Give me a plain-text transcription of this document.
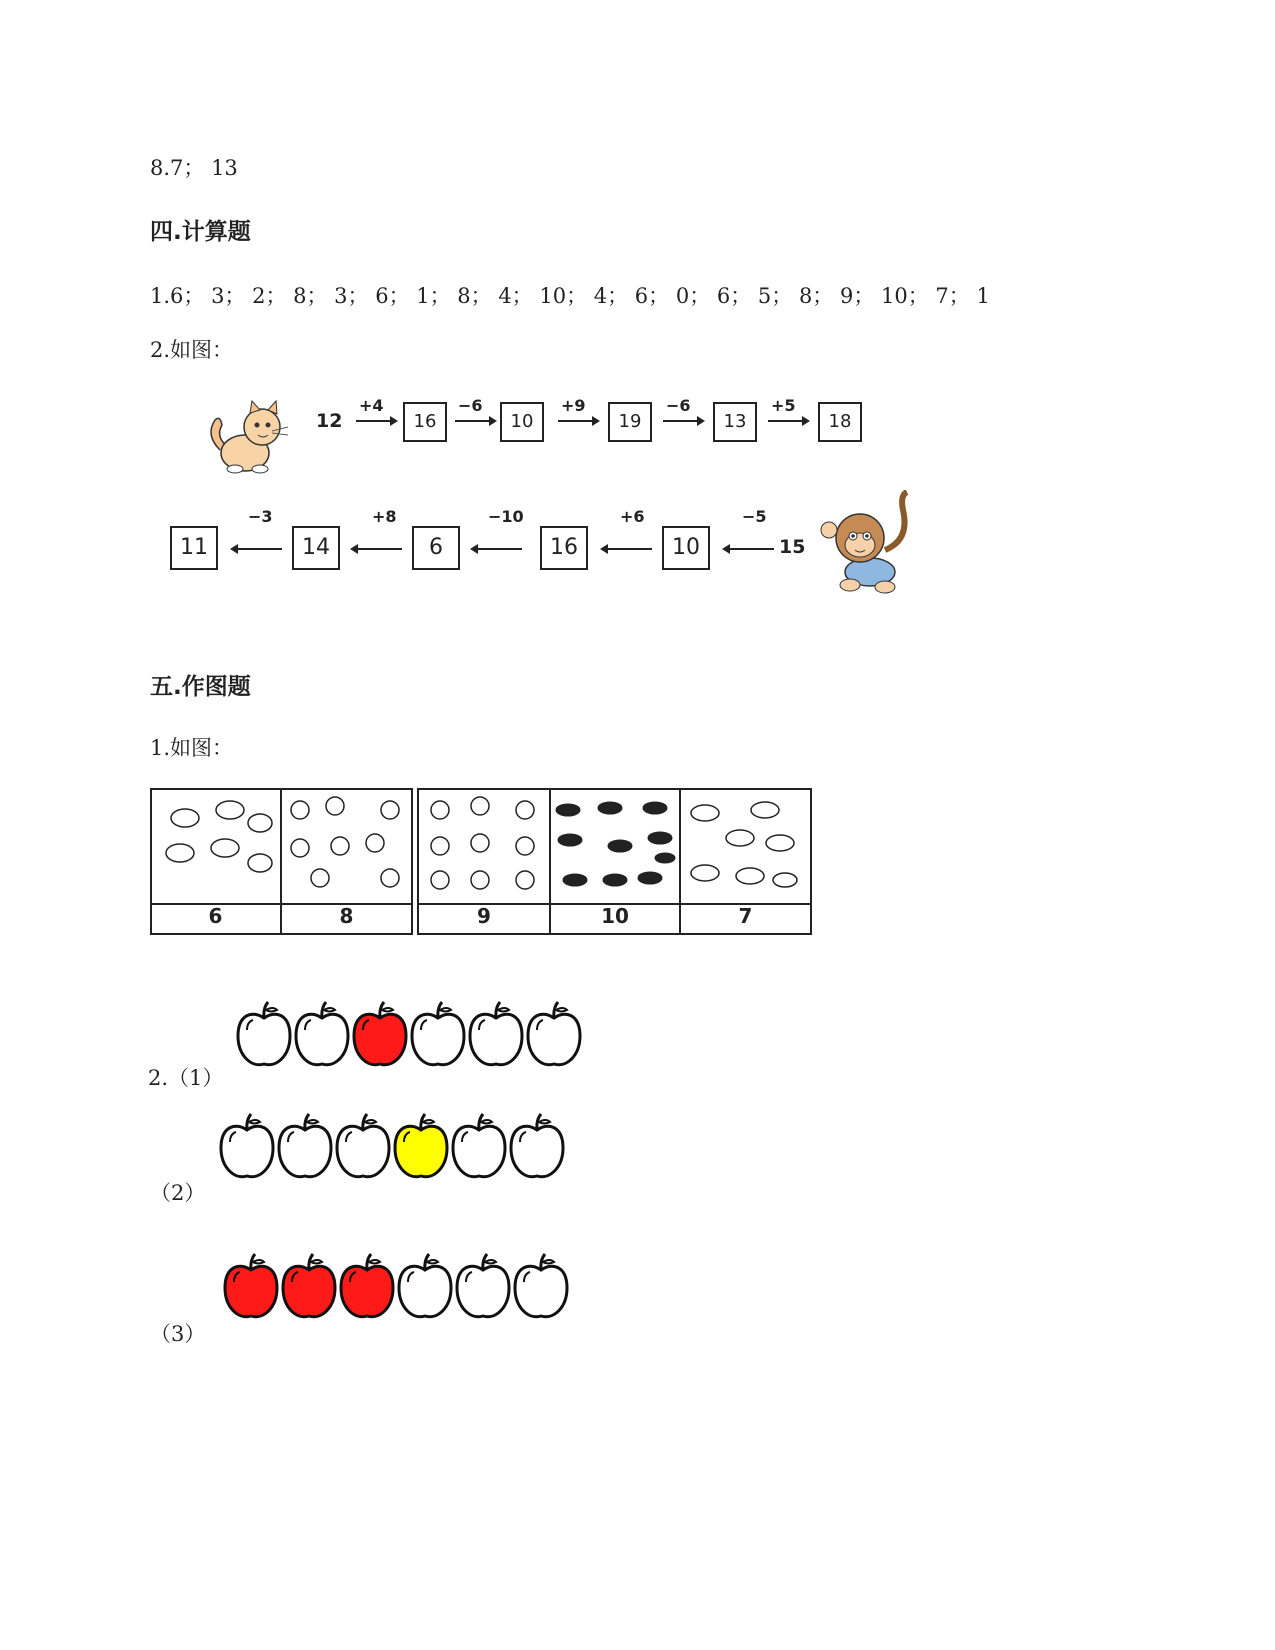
8.7； 13
四.计算题
1.6； 3； 2； 8； 3； 6； 1； 8； 4； 10； 4； 6； 0； 6； 5； 8； 9； 10； 7； 1
2.如图：
12
+4
16
−6
10
+9
19
−6
13
+5
18
15
−5
10
+6
16
−10
6
+8
14
−3
11
五.作图题
1.如图：
6	8	9	10	7
2.（1）
（2）
（3）
